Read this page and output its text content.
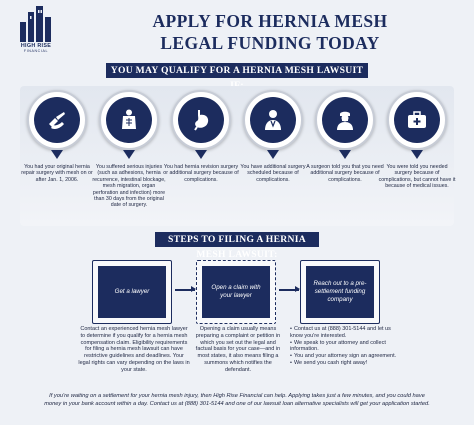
HIGH RISE
FINANCIAL
APPLY FOR HERNIA MESH
LEGAL FUNDING TODAY
YOU MAY QUALIFY FOR A HERNIA MESH LAWSUIT
You had your original hernia repair surgery with mesh on or after Jan. 1, 2006.
You suffered serious injuries (such as adhesions, hernia recurrence, intestinal blockage, mesh migration, organ perforation and infection) more than 30 days from the original date of surgery.
You had hernia revision surgery or additional surgery because of complications.
You have additional surgery scheduled because of complications.
A surgeon told you that you need additional surgery because of complications.
You were told you needed surgery because of complications, but cannot have it because of medical issues.
STEPS TO FILING A HERNIA MESH LAWSUIT:
Get a lawyer
Open a claim with your lawyer
Reach out to a pre-settlement funding company
Contact an experienced hernia mesh lawyer to determine if you qualify for a hernia mesh compensation claim. Eligibility requirements for filing a hernia mesh lawsuit can have restrictive guidelines and deadlines. Your legal rights can vary depending on the laws in your state.
Opening a claim usually means preparing a complaint or petition in which you set out the legal and factual basis for your case—and in most states, it also means filing a summons which notifies the defendant.
• Contact us at (888) 301-5144 and let us know you're interested.
• We speak to your attorney and collect information.
• You and your attorney sign an agreement.
• We send you cash right away!
If you're waiting on a settlement for your hernia mesh injury, then High Rise Financial can help. Applying takes just a few minutes, and you could have money in your bank account within a day. Contact us at (888) 301-5144 and one of our lawsuit loan alternative specialists will get your application started.
